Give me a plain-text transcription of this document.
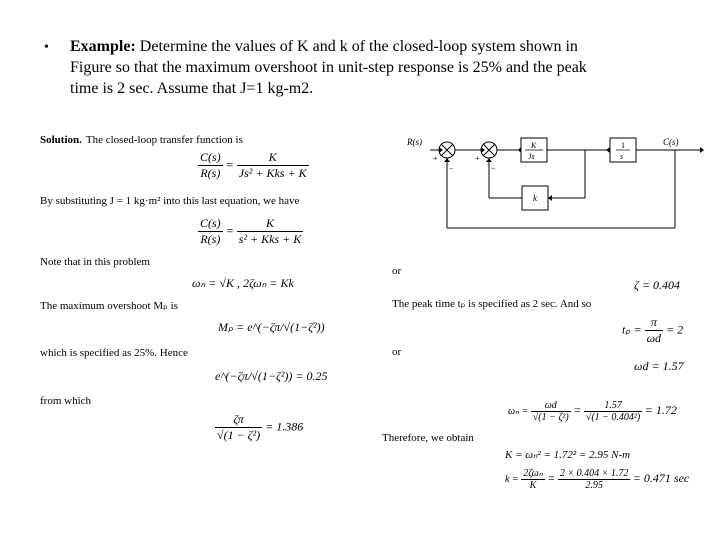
• Example: Determine the values of K and k of the closed-loop system shown in
Figure so that the maximum overshoot in unit-step response is 25% and the peak
time is 2 sec. Assume that J=1 kg-m2.
R(s)	C(s)
K
Js
1
s
k
−	−
+	+
Solution. The closed-loop transfer function is
$\frac{C(s)}{R(s)} = \frac{K}{\text{Js² + Kks + K}}$
By substituting J = 1 kg·m² into this last equation, we have
$\frac{C(s)}{R(s)} = \frac{K}{\text{s² + Kks + K}}$
Note that in this problem
ωₙ = √K , 2ζωₙ = Kk
The maximum overshoot Mₚ is
Mₚ = e^(−ζπ/√(1−ζ²))
which is specified as 25%. Hence
e^(−ζπ/√(1−ζ²)) = 0.25
from which
$\frac{\zeta\pi}{\text{√(1 − ζ²)}} = 1.386$
or
ζ = 0.404
The peak time tₚ is specified as 2 sec. And so
$t_p = \frac{\pi}{\omega d} = 2$
or
ωd = 1.57
$\omega_n = \frac{\omega d}{\text{√(1 − ζ²)}} = \frac{1.57}{\text{√(1 − 0.404²)}} = 1.72$
Therefore, we obtain
K = ωₙ² = 1.72² = 2.95 N-m
$k = \frac{\text{2ζωₙ}}{K} = \frac{2 \times 0.404 \times 1.72}{2.95} = 0.471$ sec
